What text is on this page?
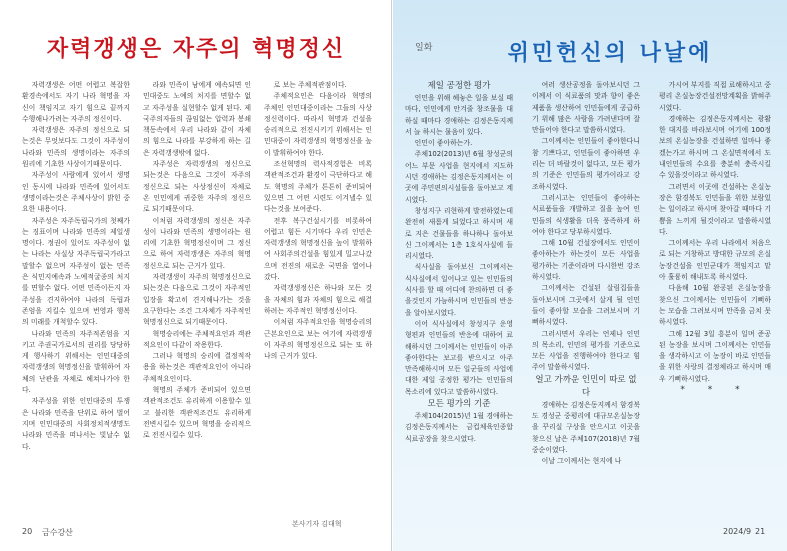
자력갱생은 자주의 혁명정신

자력갱생은 어떤 어렵고 복잡한 환경속에서도 자기 나라 혁명을 자신이 책임지고 자기 힘으로 끝까지 수행해나가려는 자주의 정신이다.

자력갱생은 자주의 정신으로 되는것은 무엇보다도 그것이 자주성이 나라와 민족의 생명이라는 자주의 원리에 기초한 사상이기때문이다.

자주성이 사람에게 있어서 생명인 동시에 나라와 민족에 있어서도 생명이라는것은 주체사상이 밝힌 중요한 내용이다.

자주성은 자주독립국가의 첫째가는 징표이며 나라와 민족의 제일생명이다. 정권이 있어도 자주성이 없는 나라는 사실상 자주독립국가라고 말할수 없으며 자주성이 없는 민족은 식민지예속과 노예적굴종의 처지를 면할수 없다. 어떤 민족이든지 자주성을 견지하여야 나라의 독립과 존엄을 지킬수 있으며 번영과 행복의 미래를 개척할수 있다.

나라와 민족의 자주적존엄을 지키고 주권국가로서의 권리를 당당하게 행사하기 위해서는 인민대중의 자력갱생의 혁명정신을 발휘하여 자체의 난관을 자체로 헤쳐나가야 한다.

자주성을 위한 인민대중의 투쟁은 나라와 민족을 단위로 하여 벌어지며 인민대중의 사회정치적생명도 나라와 민족을 떠나서는 빛날수 없다.

라와 민족이 남에게 예속되면 인민대중도 노예의 처지를 면할수 없고 자주성을 실현할수 없게 된다. 제국주의자들의 끊임없는 압력과 봉쇄책동속에서 우리 나라와 같이 자체의 힘으로 나라를 부강하게 하는 길은 자력갱생밖에 없다.

자주성은 자력갱생의 정신으로 되는것은 다음으로 그것이 자주의 정신으로 되는 사상정신이 자체로 온 인민에게 귀중한 자주의 정신으로 되기때문이다.

이처럼 자력갱생의 정신은 자주성이 나라와 민족의 생명이라는 원리에 기초한 혁명정신이며 그 정신으로 하여 자력갱생은 자주의 혁명정신으로 되는 근거가 있다.

자력갱생이 자주의 혁명정신으로 되는것은 다음으로 그것이 자주적인 입장을 확고히 견지해나가는 것을 요구한다는 조건 그자체가 자주적인 혁명정신으로 되기때문이다.

혁명승리에는 주체적요인과 객관적요인이 다같이 작용한다.

그러나 혁명의 승리에 결정적작용을 하는것은 객관적요인이 아니라 주체적요인이다.

혁명의 주체가 준비되어 있으면 객관적조건도 유리하게 이용할수 있고 불리한 객관적조건도 유리하게 전변시킬수 있으며 혁명을 승리적으로 전진시킬수 있다.

로 보는 주체적관점이다.

주체적요인은 다음이라 혁명의 주체인 인민대중이라는 그들의 사상정신력이다. 따라서 혁명과 건설을 승리적으로 전진시키기 위해서는 인민대중이 자력갱생의 혁명정신을 높이 발휘하여야 한다.

조선혁명의 력사적경험은 비록 객관적조건과 환경이 극단하다고 해도 혁명의 주체가 튼튼히 준비되여있으면 그 어떤 시련도 이겨낼수 있다는것을 보여준다.

전후 복구건설시기를 비롯하여 어렵고 힘든 시기마다 우리 인민은 자력갱생의 혁명정신을 높이 발휘하여 사회주의건설을 힘있게 밀고나갔으며 전진의 새로운 국면을 열어나갔다.

자력갱생정신은 하나와 모든 것을 자체의 힘과 자체의 힘으로 해결하려는 자주적인 혁명정신이다.

이처럼 자주적요인을 혁명승리의 근본요인으로 보는 여기에 자력갱생이 자주의 혁명정신으로 되는 또 하나의 근거가 있다.

본사기자 김대혁
20 금수강산
일화	위민헌신의 나날에

제일 공정한 평가

인민을 위해 헤놓은 일을 보실 때마다, 인민에게 안겨줄 창조물을 대하실 때마다 경애하는 김정은동지께서 늘 하시는 물음이 있다.

인민이 좋아하는가.

주체102(2013)년 6월 창성군의 어느 부문 사업을 현지에서 지도하시던 경애하는 김정은동지께서는 이곳에 주민편의시설들을 돌아보고 계시였다.

창성지구 리현하게 발전하였는데 완전히 새롭게 되었다고 하시며 새로 지은 건물들을 하나하나 돌아보신 그이께서는 1층 1호식사실에 들리시였다.

식사실을 돌아보신 그이께서는 식사실에서 일어나고 있는 인민들의 식사를 할 때 어디에 찬의하면 더 좋을것인지 가늠하시며 인민들의 반응을 알아보시였다.

이어 식사실에서 창성지구 운영형편과 인민들의 반응에 대하여 료해하시던 그이께서는 인민들이 아주 좋아한다는 보고를 받으시고 아주 만족해하시며 모든 일군들의 사업에 대한 제일 공정한 평가는 인민들의 목소리에 있다고 말씀하시였다.

모든 평가의 기준

주체104(2015)년 1월 경애하는 김정은동지께서는 금컵체육인종합식료공장을 찾으시였다.

여러 생산공정을 돌아보시던 그이께서 이 식료품의 맛과 향이 좋은 제품을 생산하여 인민들에게 공급하기 위해 많은 사람을 가려낸다며 잘 만들어야 한다고 말씀하시였다.

그이께서는 인민들이 좋아한다니 참 기쁘다고, 인민들이 좋아하면 우리는 더 바랄것이 없다고, 모든 평가의 기준은 인민들의 평가이라고 강조하시였다.

그러시고는 인민들이 좋아하는 식료품들을 개발하고 질을 높여 인민들의 식생활을 더욱 풍족하게 하여야 한다고 당부하시였다.

그해 10월 건설장에서도 인민이 좋아하는가 하는것이 모든 사업을 평가하는 기준이라며 다시한번 강조하시였다.

그이께서는 건설된 살림집들을 돌아보시며 그곳에서 살게 될 인민들이 좋아할 모습을 그려보시며 기뻐하시였다.

그러시면서 우리는 언제나 인민의 목소리, 인민의 평가를 기준으로 모든 사업을 진행하여야 한다고 힘주어 말씀하시였다.

얼고 가까운 인민이 따로 없다

경애하는 김정은동지께서 함경북도 경성군 중평리에 대규모온실농장을 꾸리실 구상을 안으시고 이곳을 찾으신 날은 주체107(2018)년 7월중순이였다.

이날 그이께서는 현지에 나

가시여 부지를 직접 료해하시고 중평리 온실농장건설전망계획을 밝혀주시였다.

경애하는 김정은동지께서는 광활한 대지를 바라보시며 여기에 100정보의 온실농장을 건설하면 얼마나 좋겠는가고 하시며 그 온실면적에서 도내인민들의 수요를 충분히 충족시킬수 있을것이라고 하시였다.

그러면서 이곳에 건설하는 온실농장은 함경북도 인민들을 위한 보람있는 일이라고 하시며 찾아갈 때마다 기쁨을 느끼게 될것이라고 말씀하시였다.

그이께서는 우리 나라에서 처음으로 되는 거창하고 방대한 규모의 온실농장건설을 인민군대가 책임지고 맡아 훌륭히 해내도록 하시였다.

다음해 10월 완공된 온실농장을 찾으신 그이께서는 인민들이 기뻐하는 모습을 그려보시며 만족을 금치 못하시였다.

그해 12월 3일 흥분이 일며 준공된 농장을 보시며 그이께서는 인민들을 생각하시고 이 농장이 바로 인민들을 위한 사랑의 결정체라고 하시며 매우 기뻐하시였다.

* * *

2024/9 21
